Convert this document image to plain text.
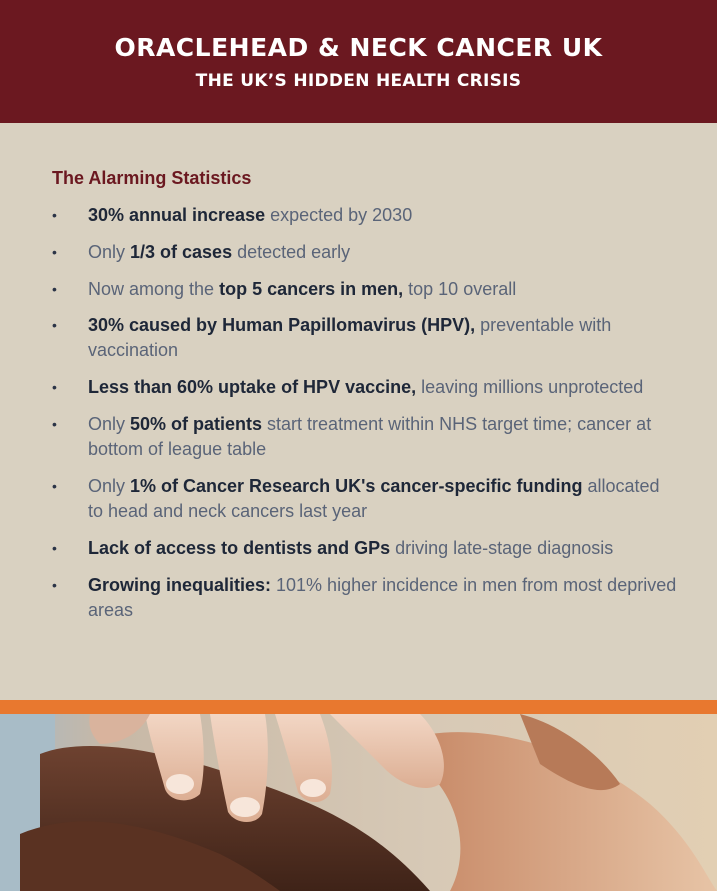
ORACLEHEAD & NECK CANCER UK
THE UK’S HIDDEN HEALTH CRISIS
The Alarming Statistics
• 30% annual increase expected by 2030
• Only 1/3 of cases detected early
• Now among the top 5 cancers in men, top 10 overall
• 30% caused by Human Papillomavirus (HPV), preventable with vaccination
• Less than 60% uptake of HPV vaccine, leaving millions unprotected
• Only 50% of patients start treatment within NHS target time; cancer at bottom of league table
• Only 1% of Cancer Research UK's cancer-specific funding allocated to head and neck cancers last year
• Lack of access to dentists and GPs driving late-stage diagnosis
• Growing inequalities: 101% higher incidence in men from most deprived areas
